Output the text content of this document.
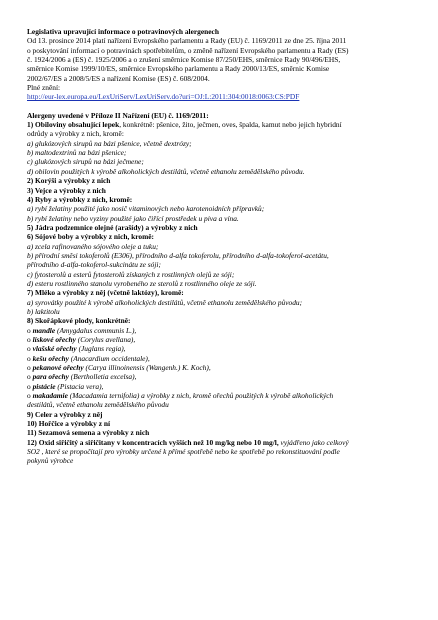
Legislativa upravující informace o potravinových alergenech

Od 13. prosince 2014 platí nařízení Evropského parlamentu a Rady (EU) č. 1169/2011 ze dne 25. října 2011

o poskytování informací o potravinách spotřebitelům, o změně nařízení Evropského parlamentu a Rady (ES)

č. 1924/2006 a (ES) č. 1925/2006 a o zrušení směrnice Komise 87/250/EHS, směrnice Rady 90/496/EHS,

směrnice Komise 1999/10/ES, směrnice Evropského parlamentu a Rady 2000/13/ES, směrnic Komise

2002/67/ES a 2008/5/ES a nařízení Komise (ES) č. 608/2004.

Plné znění:

http://eur-lex.europa.eu/LexUriServ/LexUriServ.do?uri=OJ:L:2011:304:0018:0063:CS:PDF

Alergeny uvedené v Příloze II Nařízení (EU) č. 1169/2011:

1) Obiloviny obsahující lepek, konkrétně: pšenice, žito, ječmen, oves, špalda, kamut nebo jejich hybridní

odrůdy a výrobky z nich, kromě:

a) glukózových sirupů na bázi pšenice, včetně dextrózy;

b) maltodextrinů na bázi pšenice;

c) glukózových sirupů na bázi ječmene;

d) obilovin použitých k výrobě alkoholických destilátů, včetně ethanolu zemědělského původu.

2) Korýši a výrobky z nich

3) Vejce a výrobky z nich

4) Ryby a výrobky z nich, kromě:

a) rybí želatiny použité jako nosič vitaminových nebo karotenoidních přípravků;

b) rybí želatiny nebo vyziny použité jako čiřící prostředek u piva a vína.

5) Jádra podzemnice olejné (arašídy) a výrobky z nich

6) Sójové boby a výrobky z nich, kromě:

a) zcela rafinovaného sójového oleje a tuku;

b) přírodní směsi tokoferolů (E306), přírodního d-alfa tokoferolu, přírodního d-alfa-tokoferol-acetátu,

přírodního d-alfa-tokoferol-sukcinátu ze sóji;

c) fytosterolů a esterů fytosterolů získaných z rostlinných olejů ze sóji;

d) esteru rostlinného stanolu vyrobeného ze sterolů z rostlinného oleje ze sóji.

7) Mléko a výrobky z něj (včetně laktózy), kromě:

a) syrovátky použité k výrobě alkoholických destilátů, včetně ethanolu zemědělského původu;

b) laktitolu

8) Skořápkové plody, konkrétně:

o mandle (Amygdalus communis L.),

o lískové ořechy (Corylus avellana),

o vlašské ořechy (Juglans regia),

o kešu ořechy (Anacardium occidentale),

o pekanové ořechy (Carya illinoinensis (Wangenh.) K. Koch),

o para ořechy (Bertholletia excelsa),

o pistácie (Pistacia vera),

o makadamie (Macadamia ternifolia) a výrobky z nich, kromě ořechů použitých k výrobě alkoholických

destilátů, včetně ethanolu zemědělského původu

9) Celer a výrobky z něj

10) Hořčice a výrobky z ní

11) Sezamová semena a výrobky z nich

12) Oxid siřičitý a siřičitany v koncentracích vyšších než 10 mg/kg nebo 10 mg/l, vyjádřeno jako celkový

SO2 , které se propočítají pro výrobky určené k přímé spotřebě nebo ke spotřebě po rekonstituování podle

pokynů výrobce
